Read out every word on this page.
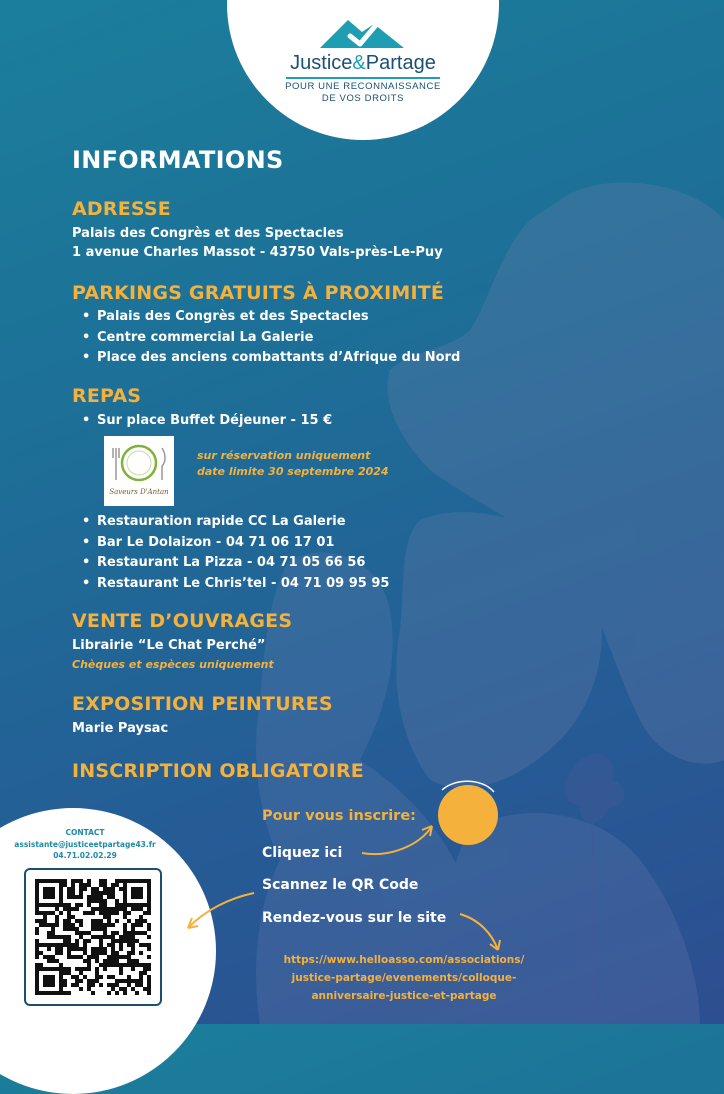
Justice&Partage
POUR UNE RECONNAISSANCE
DE VOS DROITS
INFORMATIONS
ADRESSE
Palais des Congrès et des Spectacles
1 avenue Charles Massot - 43750 Vals-près-Le-Puy
PARKINGS GRATUITS À PROXIMITÉ
• Palais des Congrès et des Spectacles
• Centre commercial La Galerie
• Place des anciens combattants d’Afrique du Nord
REPAS
• Sur place Buffet Déjeuner - 15 €
Saveurs D'Antan
sur réservation uniquement
date limite 30 septembre 2024
• Restauration rapide CC La Galerie
• Bar Le Dolaizon - 04 71 06 17 01
• Restaurant La Pizza - 04 71 05 66 56
• Restaurant Le Chris’tel - 04 71 09 95 95
VENTE D’OUVRAGES
Librairie “Le Chat Perché”
Chèques et espèces uniquement
EXPOSITION PEINTURES
Marie Paysac
INSCRIPTION OBLIGATOIRE
CONTACT
assistante@justiceetpartage43.fr
04.71.02.02.29
Pour vous inscrire:
Cliquez ici
Scannez le QR Code
Rendez-vous sur le site
https://www.helloasso.com/associations/
justice-partage/evenements/colloque-
anniversaire-justice-et-partage
